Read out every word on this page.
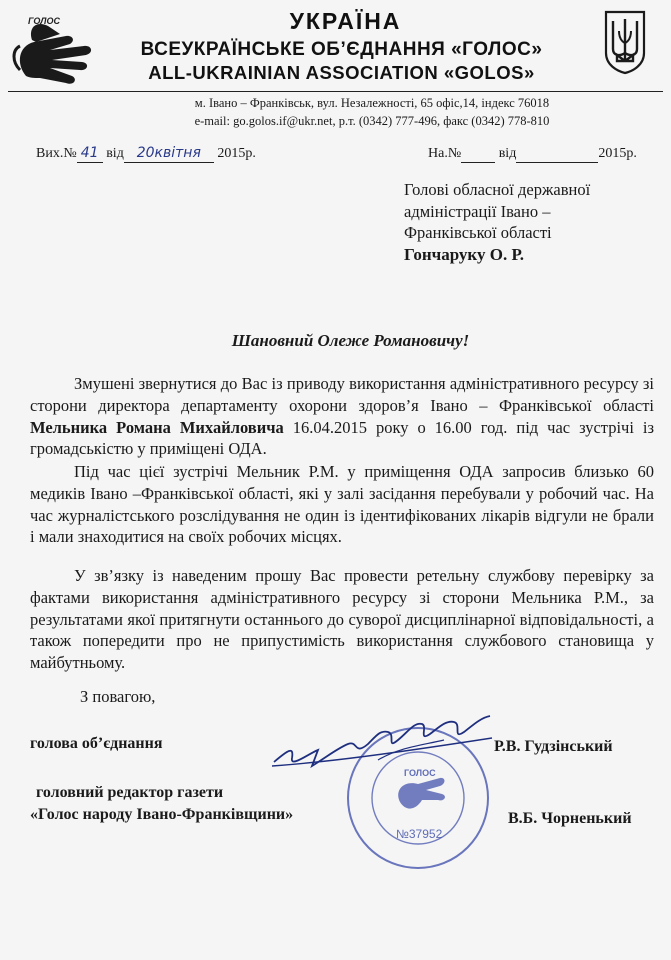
ГОЛОС	УКРАЇНА
ВСЕУКРАЇНСЬКЕ ОБ’ЄДНАННЯ «ГОЛОС»
ALL-UKRAINIAN ASSOCIATION «GOLOS»
м. Івано – Франківськ, вул. Незалежності, 65 офіс,14, індекс 76018
e-mail: go.golos.if@ukr.net, р.т. (0342) 777-496, факс (0342) 778-810
Вих.№ 41 від 20квітня 2015р.	На.№	від	2015р.
Голові обласної державної
адміністрації Івано –
Франківської області
Гончаруку О. Р.
Шановний Олеже Романовичу!

Змушені звернутися до Вас із приводу використання адміністративного ресурсу зі сторони директора департаменту охорони здоров’я Івано – Франківської області Мельника Романа Михайловича 16.04.2015 року о 16.00 год. під час зустрічі із громадськістю у приміщені ОДА.

Під час цієї зустрічі Мельник Р.М. у приміщення ОДА запросив близько 60 медиків Івано –Франківської області, які у залі засідання перебували у робочий час. На час журналістського розслідування не один із ідентифікованих лікарів відгули не брали і мали знаходитися на своїх робочих місцях.

У зв’язку із наведеним прошу Вас провести ретельну службову перевірку за фактами використання адміністративного ресурсу зі сторони Мельника Р.М., за результатами якої притягнути останнього до суворої дисциплінарної відповідальності, а також попередити про не припустимість використання службового становища у майбутньому.

З повагою,
голова об’єднання	Р.В. Гудзінський
головний редактор газети
«Голос народу Івано-Франківщини»	В.Б. Чорненький
ГОЛОС
№37952
